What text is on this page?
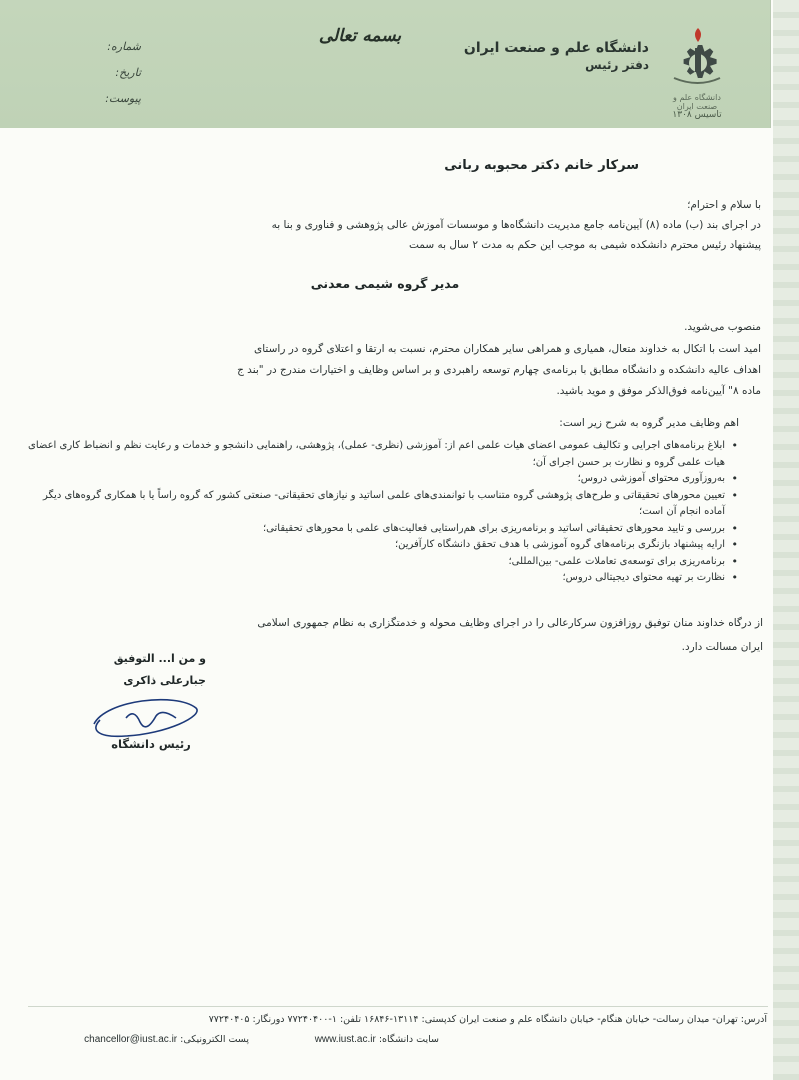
دانشگاه علم و صنعت ایران
تاسیس ۱۳۰۸
دانشگاه علم و صنعت ایران
دفتر رئیس
بسمه تعالی
شماره:
تاریخ:
پیوست:
سرکار خانم دکتر محبوبه ربانی
با سلام و احترام؛
در اجرای بند (ب) ماده (۸) آیین‌نامه جامع مدیریت دانشگاه‌ها و موسسات آموزش عالی پژوهشی و فناوری و بنا به
پیشنهاد رئیس محترم دانشکده شیمی به موجب این حکم به مدت ۲ سال به سمت
مدیر گروه شیمی معدنی
منصوب می‌شوید.
امید است با اتکال به خداوند متعال، همیاری و همراهی سایر همکاران محترم، نسبت به ارتقا و اعتلای گروه در راستای
اهداف عالیه دانشکده و دانشگاه مطابق با برنامه‌ی چهارم توسعه راهبردی و بر اساس وظایف و اختیارات مندرج در "بند ج
ماده ۸" آیین‌نامه فوق‌الذکر موفق و موید باشید.
اهم وظایف مدیر گروه به شرح زیر است:
• ابلاغ برنامه‌های اجرایی و تکالیف عمومی اعضای هیات علمی اعم از: آموزشی (نظری- عملی)، پژوهشی، راهنمایی دانشجو و خدمات و رعایت نظم و انضباط کاری اعضای هیات علمی گروه و نظارت بر حسن اجرای آن؛
• به‌روزآوری محتوای آموزشی دروس؛
• تعیین محورهای تحقیقاتی و طرح‌های پژوهشی گروه متناسب با توانمندی‌های علمی اساتید و نیازهای تحقیقاتی- صنعتی کشور که گروه راساً یا با همکاری گروه‌های دیگر آماده انجام آن است؛
• بررسی و تایید محورهای تحقیقاتی اساتید و برنامه‌ریزی برای هم‌راستایی فعالیت‌های علمی با محورهای تحقیقاتی؛
• ارایه پیشنهاد بازنگری برنامه‌های گروه آموزشی با هدف تحقق دانشگاه کارآفرین؛
• برنامه‌ریزی برای توسعه‌ی تعاملات علمی- بین‌المللی؛
• نظارت بر تهیه محتوای دیجیتالی دروس؛
از درگاه خداوند منان توفیق روزافزون سرکارعالی را در اجرای وظایف محوله و خدمتگزاری به نظام جمهوری اسلامی
ایران مسالت دارد.
و من ا... التوفیق
جبارعلی ذاکری
رئیس دانشگاه
آدرس: تهران- میدان رسالت- خیابان هنگام- خیابان دانشگاه علم و صنعت ایران کدپستی: ۱۳۱۱۴-۱۶۸۴۶ تلفن: ۱-۷۷۲۴۰۴۰۰ دورنگار: ۷۷۲۴۰۴۰۵
سایت دانشگاه: www.iust.ac.ir
پست الکترونیکی: chancellor@iust.ac.ir
